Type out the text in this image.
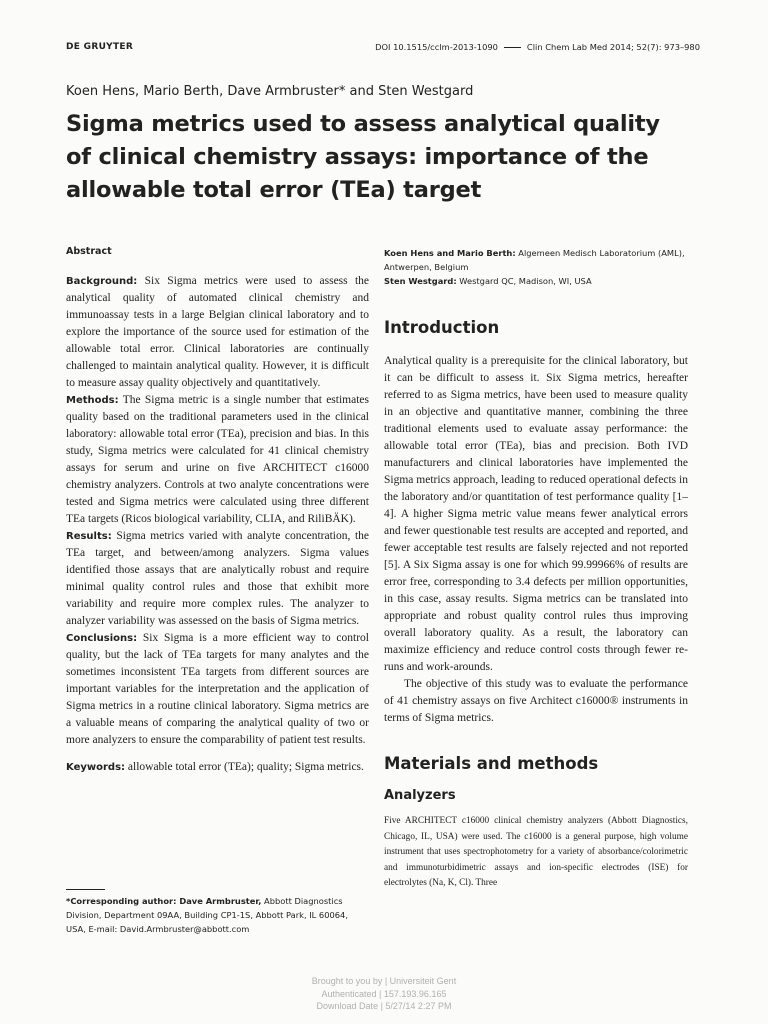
DE GRUYTER	DOI 10.1515/cclm-2013-1090	Clin Chem Lab Med 2014; 52(7): 973–980
Koen Hens, Mario Berth, Dave Armbruster* and Sten Westgard
Sigma metrics used to assess analytical quality
of clinical chemistry assays: importance of the
allowable total error (TEa) target
Abstract

Background: Six Sigma metrics were used to assess the analytical quality of automated clinical chemistry and immunoassay tests in a large Belgian clinical laboratory and to explore the importance of the source used for estimation of the allowable total error. Clinical laboratories are continually challenged to maintain analytical quality. However, it is difficult to measure assay quality objectively and quantitatively.

Methods: The Sigma metric is a single number that estimates quality based on the traditional parameters used in the clinical laboratory: allowable total error (TEa), precision and bias. In this study, Sigma metrics were calculated for 41 clinical chemistry assays for serum and urine on five ARCHITECT c16000 chemistry analyzers. Controls at two analyte concentrations were tested and Sigma metrics were calculated using three different TEa targets (Ricos biological variability, CLIA, and RiliBÄK).

Results: Sigma metrics varied with analyte concentration, the TEa target, and between/among analyzers. Sigma values identified those assays that are analytically robust and require minimal quality control rules and those that exhibit more variability and require more complex rules. The analyzer to analyzer variability was assessed on the basis of Sigma metrics.

Conclusions: Six Sigma is a more efficient way to control quality, but the lack of TEa targets for many analytes and the sometimes inconsistent TEa targets from different sources are important variables for the interpretation and the application of Sigma metrics in a routine clinical laboratory. Sigma metrics are a valuable means of comparing the analytical quality of two or more analyzers to ensure the comparability of patient test results.

Keywords: allowable total error (TEa); quality; Sigma metrics.

*Corresponding author: Dave Armbruster, Abbott Diagnostics Division, Department 09AA, Building CP1-1S, Abbott Park, IL 60064, USA, E-mail: David.Armbruster@abbott.com

Koen Hens and Mario Berth: Algemeen Medisch Laboratorium (AML), Antwerpen, Belgium

Sten Westgard: Westgard QC, Madison, WI, USA

Introduction

Analytical quality is a prerequisite for the clinical laboratory, but it can be difficult to assess it. Six Sigma metrics, hereafter referred to as Sigma metrics, have been used to measure quality in an objective and quantitative manner, combining the three traditional elements used to evaluate assay performance: the allowable total error (TEa), bias and precision. Both IVD manufacturers and clinical laboratories have implemented the Sigma metrics approach, leading to reduced operational defects in the laboratory and/or quantitation of test performance quality [1–4]. A higher Sigma metric value means fewer analytical errors and fewer questionable test results are accepted and reported, and fewer acceptable test results are falsely rejected and not reported [5]. A Six Sigma assay is one for which 99.99966% of results are error free, corresponding to 3.4 defects per million opportunities, in this case, assay results. Sigma metrics can be translated into appropriate and robust quality control rules thus improving overall laboratory quality. As a result, the laboratory can maximize efficiency and reduce control costs through fewer re-runs and work-arounds.

The objective of this study was to evaluate the performance of 41 chemistry assays on five Architect c16000® instruments in terms of Sigma metrics.

Materials and methods
Analyzers

Five ARCHITECT c16000 clinical chemistry analyzers (Abbott Diagnostics, Chicago, IL, USA) were used. The c16000 is a general purpose, high volume instrument that uses spectrophotometry for a variety of absorbance/colorimetric and immunoturbidimetric assays and ion-specific electrodes (ISE) for electrolytes (Na, K, Cl). Three

Brought to you by | Universiteit Gent
Authenticated | 157.193.96.165
Download Date | 5/27/14 2:27 PM
